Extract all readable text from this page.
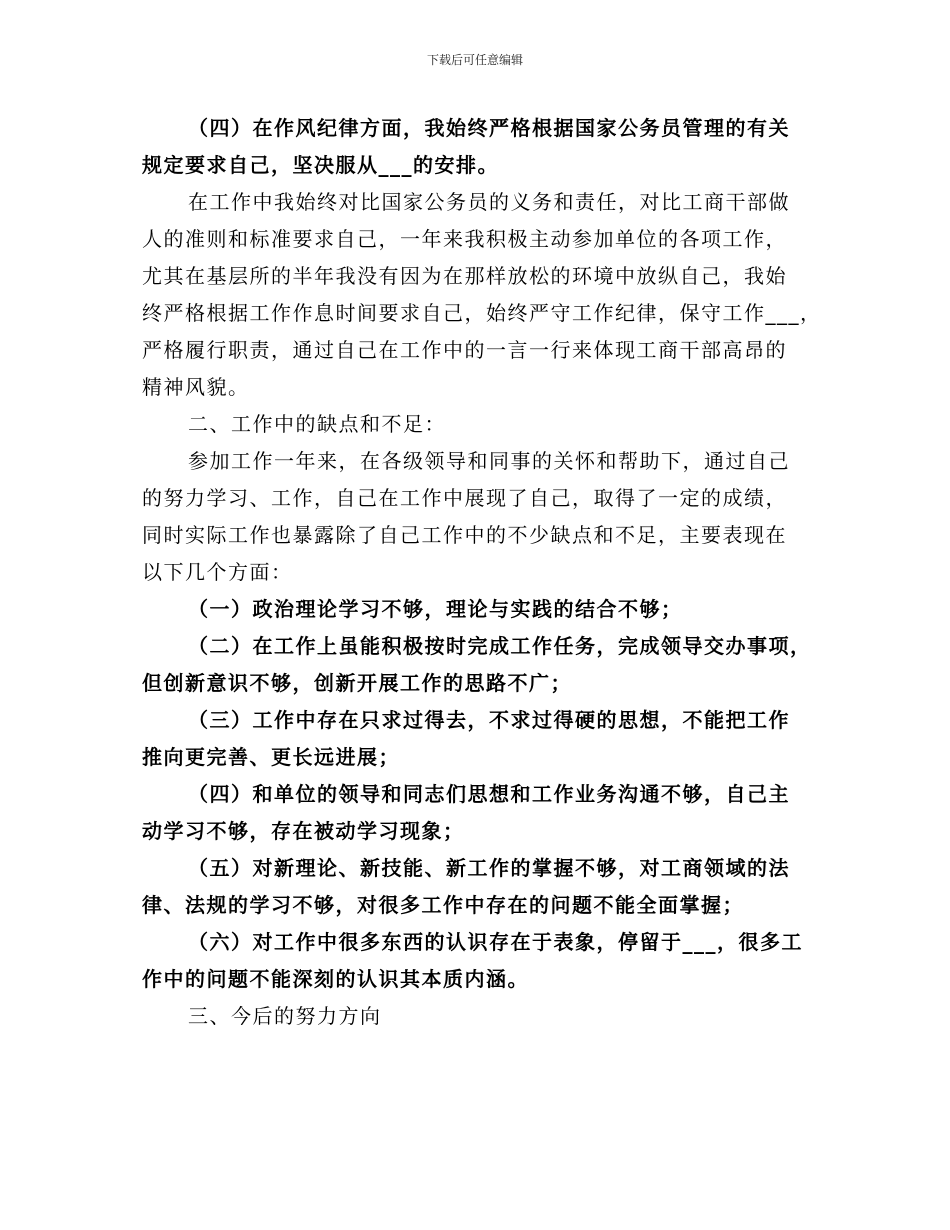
下载后可任意编辑

（四）在作风纪律方面，我始终严格根据国家公务员管理的有关
规定要求自己，坚决服从___的安排。

在工作中我始终对比国家公务员的义务和责任，对比工商干部做
人的准则和标准要求自己，一年来我积极主动参加单位的各项工作，
尤其在基层所的半年我没有因为在那样放松的环境中放纵自己，我始
终严格根据工作作息时间要求自己，始终严守工作纪律，保守工作___，
严格履行职责，通过自己在工作中的一言一行来体现工商干部高昂的
精神风貌。

二、工作中的缺点和不足：

参加工作一年来，在各级领导和同事的关怀和帮助下，通过自己
的努力学习、工作，自己在工作中展现了自己，取得了一定的成绩，
同时实际工作也暴露除了自己工作中的不少缺点和不足，主要表现在
以下几个方面：

（一）政治理论学习不够，理论与实践的结合不够；

（二）在工作上虽能积极按时完成工作任务，完成领导交办事项，
但创新意识不够，创新开展工作的思路不广；

（三）工作中存在只求过得去，不求过得硬的思想，不能把工作
推向更完善、更长远进展；

（四）和单位的领导和同志们思想和工作业务沟通不够，自己主
动学习不够，存在被动学习现象；

（五）对新理论、新技能、新工作的掌握不够，对工商领域的法
律、法规的学习不够，对很多工作中存在的问题不能全面掌握；

（六）对工作中很多东西的认识存在于表象，停留于___，很多工
作中的问题不能深刻的认识其本质内涵。

三、今后的努力方向
